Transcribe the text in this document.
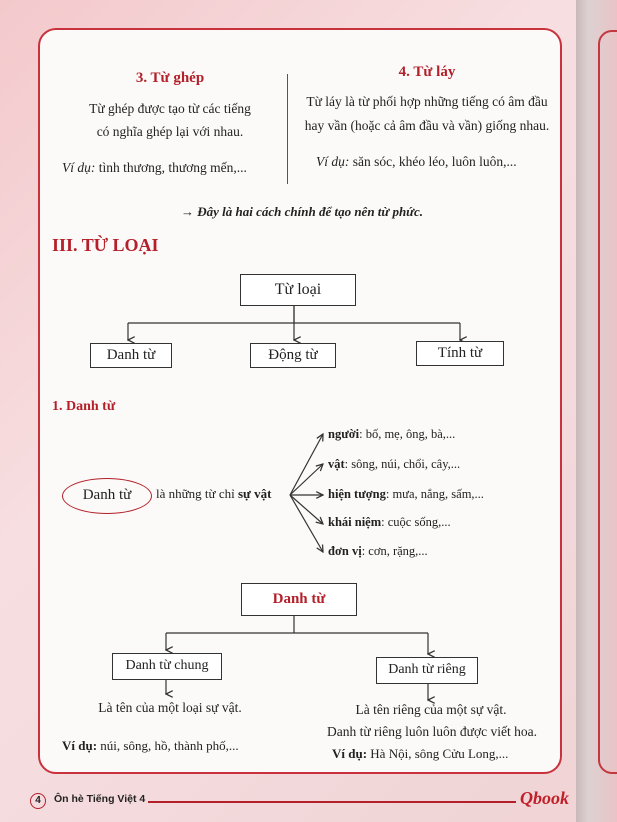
3. Từ ghép
Từ ghép được tạo từ các tiếng
có nghĩa ghép lại với nhau.
Ví dụ: tình thương, thương mến,...
4. Từ láy
Từ láy là từ phối hợp những tiếng có âm đầu
hay vần (hoặc cả âm đầu và vần) giống nhau.
Ví dụ: săn sóc, khéo léo, luôn luôn,...
→ Đây là hai cách chính để tạo nên từ phức.
III. TỪ LOẠI
Từ loại
Danh từ	Động từ	Tính từ
1. Danh từ
Danh từ	là những từ chỉ sự vật
người: bố, mẹ, ông, bà,...
vật: sông, núi, chổi, cây,...
hiện tượng: mưa, nắng, sấm,...
khái niệm: cuộc sống,...
đơn vị: cơn, rặng,...
Danh từ
Danh từ chung	Danh từ riêng
Là tên của một loại sự vật.
Ví dụ: núi, sông, hồ, thành phố,...
Là tên riêng của một sự vật.
Danh từ riêng luôn luôn được viết hoa.
Ví dụ: Hà Nội, sông Cửu Long,...
4	Ôn hè Tiếng Việt 4	Qbook
